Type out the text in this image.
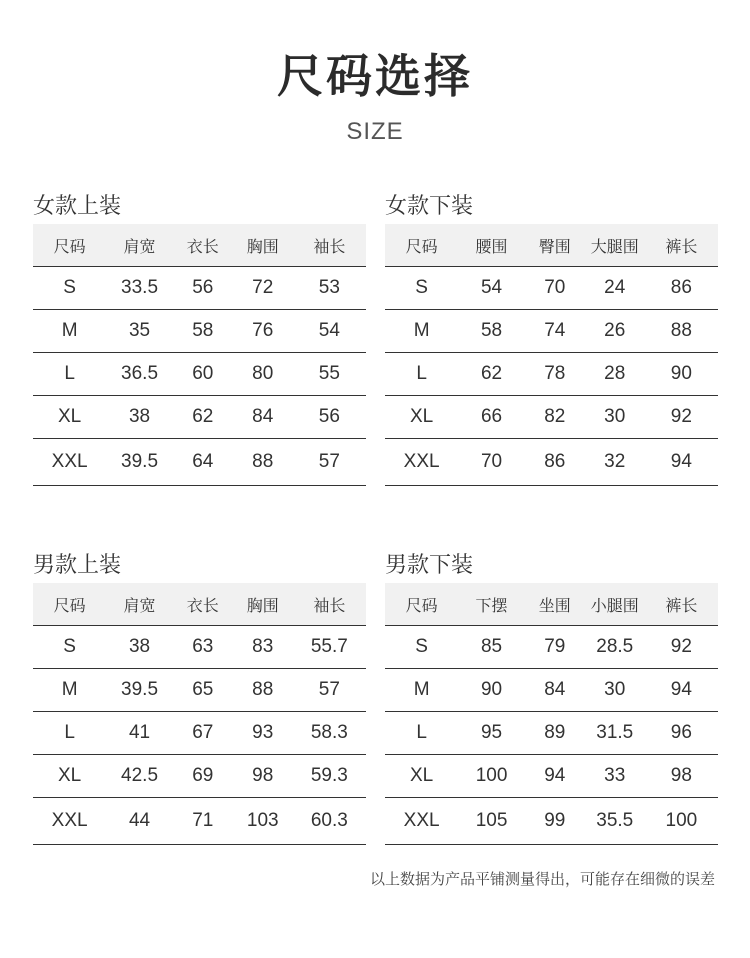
尺码选择
SIZE
女款上装
尺码	肩宽	衣长	胸围	袖长
S	33.5	56	72	53
M	35	58	76	54
L	36.5	60	80	55
XL	38	62	84	56
XXL	39.5	64	88	57
女款下装
尺码	腰围	臀围	大腿围	裤长
S	54	70	24	86
M	58	74	26	88
L	62	78	28	90
XL	66	82	30	92
XXL	70	86	32	94
男款上装
尺码	肩宽	衣长	胸围	袖长
S	38	63	83	55.7
M	39.5	65	88	57
L	41	67	93	58.3
XL	42.5	69	98	59.3
XXL	44	71	103	60.3
男款下装
尺码	下摆	坐围	小腿围	裤长
S	85	79	28.5	92
M	90	84	30	94
L	95	89	31.5	96
XL	100	94	33	98
XXL	105	99	35.5	100
以上数据为产品平铺测量得出，可能存在细微的误差
